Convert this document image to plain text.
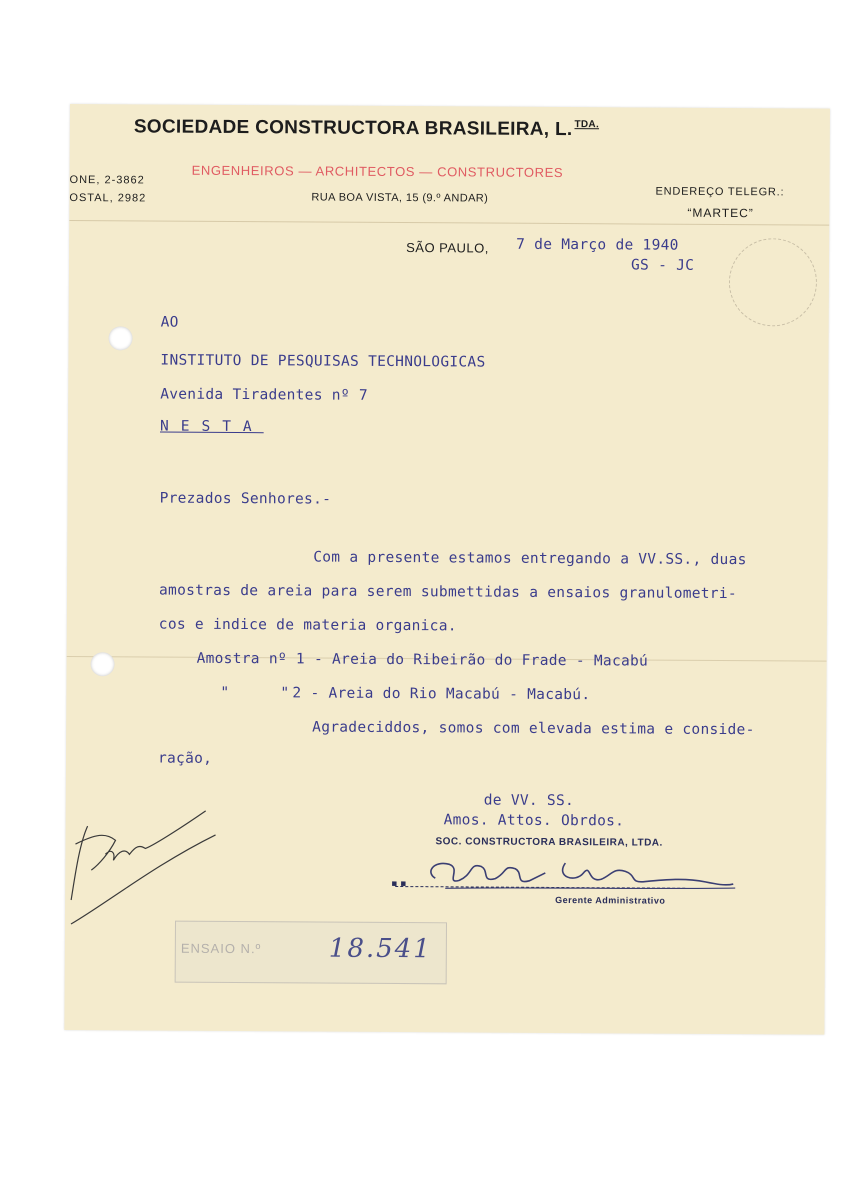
SOCIEDADE CONSTRUCTORA BRASILEIRA, L. $^{TDA.}$
ENGENHEIROS — ARCHITECTOS — CONSTRUCTORES
ONE, 2-3862
OSTAL, 2982	RUA BOA VISTA, 15 (9.º ANDAR)	ENDEREÇO TELEGR.:
“MARTEC”
SÃO PAULO, 7 de Março de 1940
GS - JC
AO
INSTITUTO DE PESQUISAS TECHNOLOGICAS
Avenida Tiradentes nº 7
NESTA
Prezados Senhores.-
Com a presente estamos entregando a VV.SS., duas
amostras de areia para serem submettidas a ensaios granulometri-
cos e indice de materia organica.
Amostra nº 1 - Areia do Ribeirão do Frade - Macabú
"	" 2 - Areia do Rio Macabú - Macabú.
Agradeciddos, somos com elevada estima e conside-
ração,
de VV. SS.
Amos. Attos. Obrdos.
SOC. CONSTRUCTORA BRASILEIRA, LTDA.
▪ ▪
Gerente Administrativo
ENSAIO N.º	18.541
